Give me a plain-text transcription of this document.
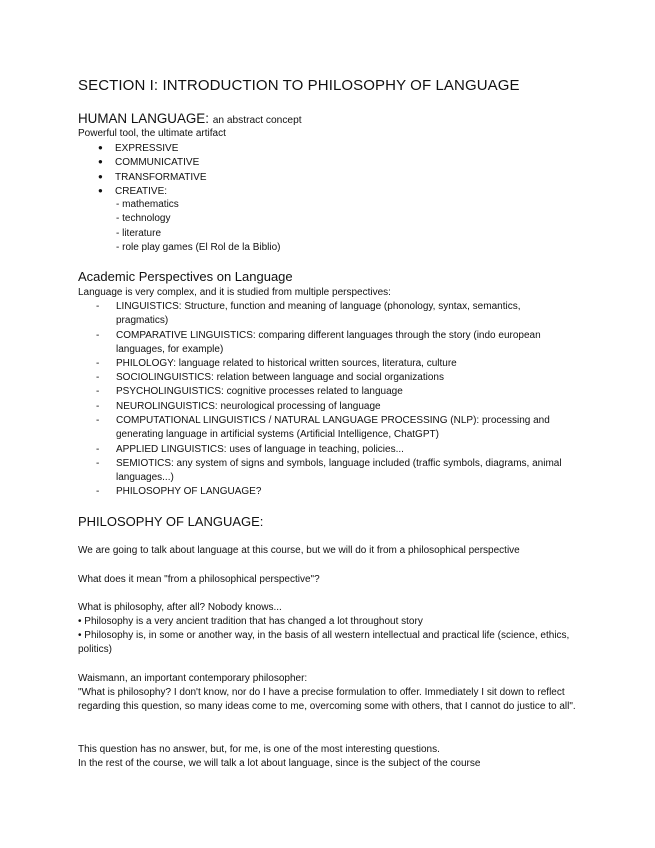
SECTION I: INTRODUCTION TO PHILOSOPHY OF LANGUAGE
HUMAN LANGUAGE: an abstract concept
Powerful tool, the ultimate artifact
● EXPRESSIVE
● COMMUNICATIVE
● TRANSFORMATIVE
● CREATIVE:
- mathematics
- technology
- literature
- role play games (El Rol de la Biblio)
Academic Perspectives on Language
Language is very complex, and it is studied from multiple perspectives:
- LINGUISTICS: Structure, function and meaning of language (phonology, syntax, semantics, pragmatics)
- COMPARATIVE LINGUISTICS: comparing different languages through the story (indo european languages, for example)
- PHILOLOGY: language related to historical written sources, literatura, culture
- SOCIOLINGUISTICS: relation between language and social organizations
- PSYCHOLINGUISTICS: cognitive processes related to language
- NEUROLINGUISTICS: neurological processing of language
- COMPUTATIONAL LINGUISTICS / NATURAL LANGUAGE PROCESSING (NLP): processing and generating language in artificial systems (Artificial Intelligence, ChatGPT)
- APPLIED LINGUISTICS: uses of language in teaching, policies...
- SEMIOTICS: any system of signs and symbols, language included (traffic symbols, diagrams, animal languages...)
- PHILOSOPHY OF LANGUAGE?
PHILOSOPHY OF LANGUAGE:
We are going to talk about language at this course, but we will do it from a philosophical perspective
What does it mean "from a philosophical perspective"?
What is philosophy, after all? Nobody knows...
• Philosophy is a very ancient tradition that has changed a lot throughout story
• Philosophy is, in some or another way, in the basis of all western intellectual and practical life (science, ethics, politics)
Waismann, an important contemporary philosopher:
"What is philosophy? I don't know, nor do I have a precise formulation to offer. Immediately I sit down to reflect regarding this question, so many ideas come to me, overcoming some with others, that I cannot do justice to all".
This question has no answer, but, for me, is one of the most interesting questions.
In the rest of the course, we will talk a lot about language, since is the subject of the course
